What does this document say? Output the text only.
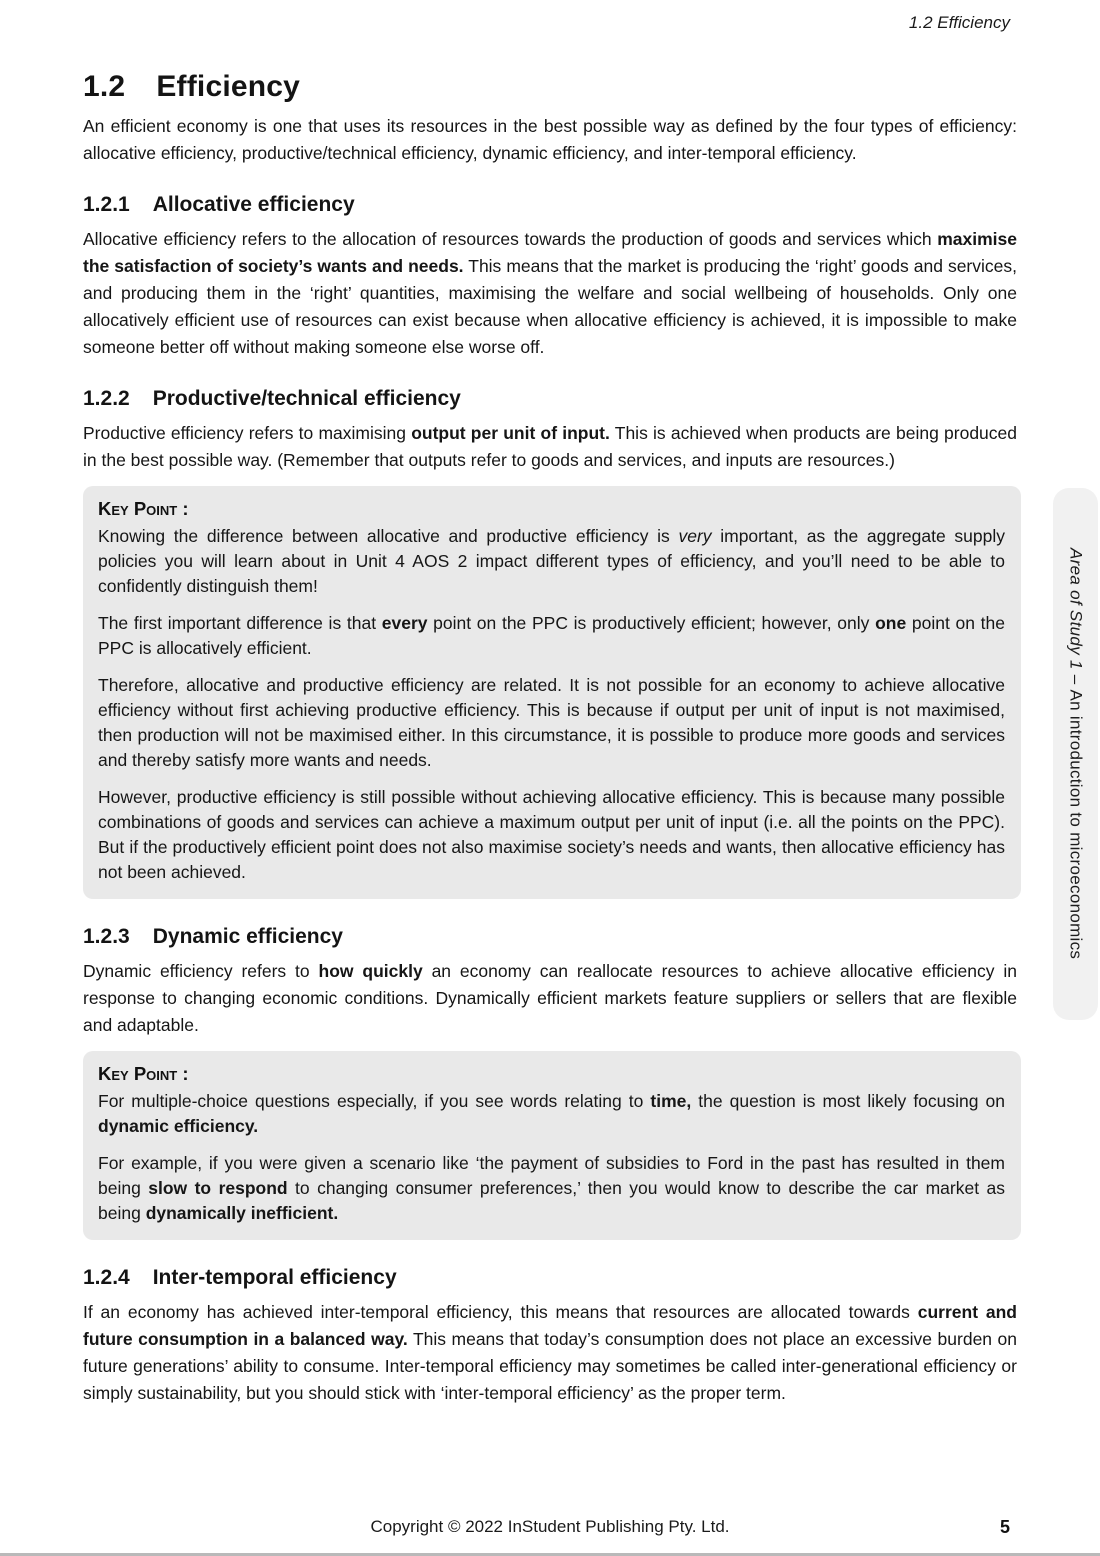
1.2 Efficiency
1.2 Efficiency

An efficient economy is one that uses its resources in the best possible way as defined by the four types of efficiency: allocative efficiency, productive/technical efficiency, dynamic efficiency, and inter-temporal efficiency.

1.2.1 Allocative efficiency

Allocative efficiency refers to the allocation of resources towards the production of goods and services which maximise the satisfaction of society’s wants and needs. This means that the market is producing the ‘right’ goods and services, and producing them in the ‘right’ quantities, maximising the welfare and social wellbeing of households. Only one allocatively efficient use of resources can exist because when allocative efficiency is achieved, it is impossible to make someone better off without making someone else worse off.

1.2.2 Productive/technical efficiency

Productive efficiency refers to maximising output per unit of input. This is achieved when products are being produced in the best possible way. (Remember that outputs refer to goods and services, and inputs are resources.)

Key Point :

Knowing the difference between allocative and productive efficiency is very important, as the aggregate supply policies you will learn about in Unit 4 AOS 2 impact different types of efficiency, and you’ll need to be able to confidently distinguish them!

The first important difference is that every point on the PPC is productively efficient; however, only one point on the PPC is allocatively efficient.

Therefore, allocative and productive efficiency are related. It is not possible for an economy to achieve allocative efficiency without first achieving productive efficiency. This is because if output per unit of input is not maximised, then production will not be maximised either. In this circumstance, it is possible to produce more goods and services and thereby satisfy more wants and needs.

However, productive efficiency is still possible without achieving allocative efficiency. This is because many possible combinations of goods and services can achieve a maximum output per unit of input (i.e. all the points on the PPC). But if the productively efficient point does not also maximise society’s needs and wants, then allocative efficiency has not been achieved.

1.2.3 Dynamic efficiency

Dynamic efficiency refers to how quickly an economy can reallocate resources to achieve allocative efficiency in response to changing economic conditions. Dynamically efficient markets feature suppliers or sellers that are flexible and adaptable.

Key Point :

For multiple-choice questions especially, if you see words relating to time, the question is most likely focusing on dynamic efficiency.

For example, if you were given a scenario like ‘the payment of subsidies to Ford in the past has resulted in them being slow to respond to changing consumer preferences,’ then you would know to describe the car market as being dynamically inefficient.

1.2.4 Inter-temporal efficiency

If an economy has achieved inter-temporal efficiency, this means that resources are allocated towards current and future consumption in a balanced way. This means that today’s consumption does not place an excessive burden on future generations’ ability to consume. Inter-temporal efficiency may sometimes be called inter-generational efficiency or simply sustainability, but you should stick with ‘inter-temporal efficiency’ as the proper term.

Area of Study 1 – An introduction to microeconomics
Copyright © 2022 InStudent Publishing Pty. Ltd.	5
